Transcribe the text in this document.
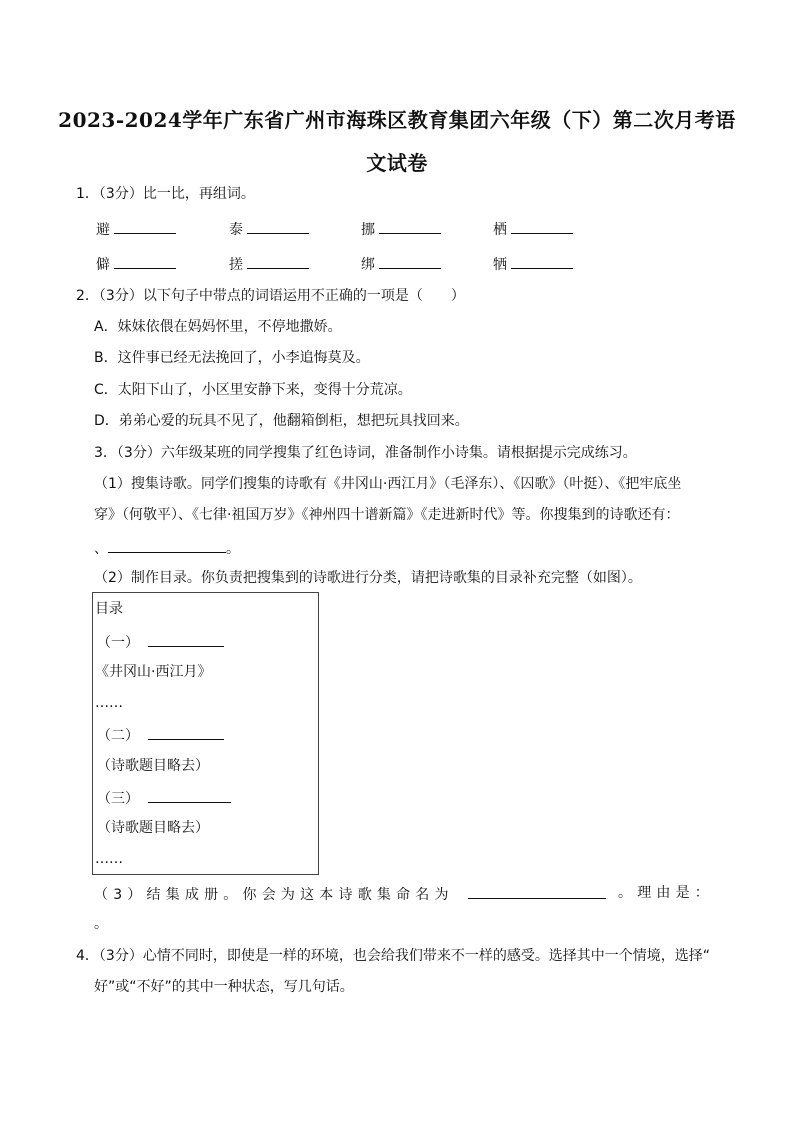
2023-2024学年广东省广州市海珠区教育集团六年级（下）第二次月考语
文试卷
1．（3分）比一比，再组词。
避	泰	挪	栖
僻	搓	绑	牺
2．（3分）以下句子中带点的词语运用不正确的一项是（　　）
A．妹妹依偎在妈妈怀里，不停地撒娇。
B．这件事已经无法挽回了，小李追悔莫及。
C．太阳下山了，小区里安静下来，变得十分荒凉。
D．弟弟心爱的玩具不见了，他翻箱倒柜，想把玩具找回来。
3．（3分）六年级某班的同学搜集了红色诗词，准备制作小诗集。请根据提示完成练习。
（1）搜集诗歌。同学们搜集的诗歌有《井冈山·西江月》（毛泽东）、《囚歌》（叶挺）、《把牢底坐
穿》（何敬平）、《七律·祖国万岁》《神州四十谱新篇》《走进新时代》等。你搜集到的诗歌还有：
、	。
（2）制作目录。你负责把搜集到的诗歌进行分类，请把诗歌集的目录补充完整（如图）。
目录
（一）
《井冈山·西江月》
……
（二）
（诗歌题目略去）
（三）
（诗歌题目略去）
……
（3）结集成册。你会为这本诗歌集命名为	。理由是：
。
4．（3分）心情不同时，即使是一样的环境，也会给我们带来不一样的感受。选择其中一个情境，选择“
好”或“不好”的其中一种状态，写几句话。
